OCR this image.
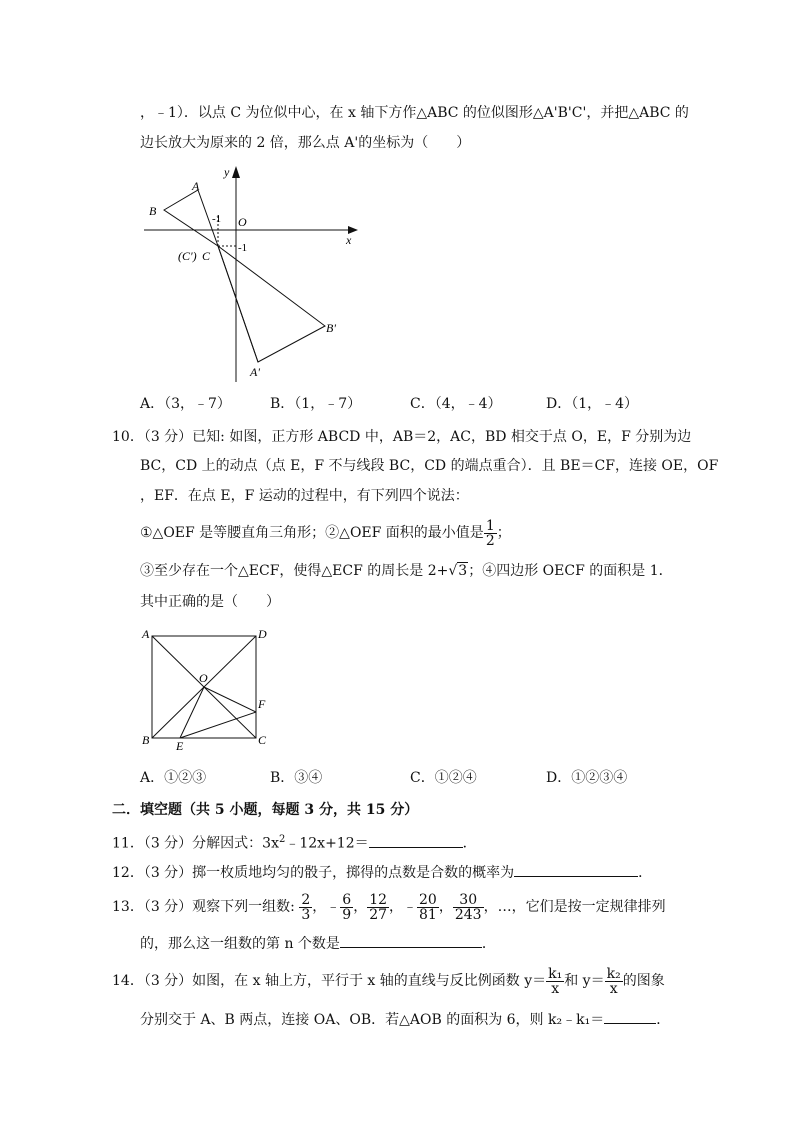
，﹣1）．以点 C 为位似中心，在 x 轴下方作△ABC 的位似图形△A'B'C'，并把△ABC 的
边长放大为原来的 2 倍，那么点 A'的坐标为（　　）
y
x
A
B
O
-1
-1
(C') C
B'
A'
A．（3，﹣7）	B．（1，﹣7）	C．（4，﹣4）	D．（1，﹣4）
10．（3 分）已知: 如图，正方形 ABCD 中，AB＝2，AC，BD 相交于点 O，E，F 分别为边
BC，CD 上的动点（点 E，F 不与线段 BC，CD 的端点重合）．且 BE＝CF，连接 OE，OF
，EF．在点 E，F 运动的过程中，有下列四个说法：
①△OEF 是等腰直角三角形；②△OEF 面积的最小值是 $\frac{1}{2}$ ；
③至少存在一个△ECF，使得△ECF 的周长是 2+√3；④四边形 OECF 的面积是 1．
其中正确的是（　　）
A	D
O
F
B E	C
A．①②③	B．③④	C．①②④	D．①②③④
二．填空题（共 5 小题，每题 3 分，共 15 分）
11．（3 分）分解因式：$3x^2﹣12x+12=$	．
12．（3 分）掷一枚质地均匀的骰子，掷得的点数是合数的概率为	．
13．（3 分）观察下列一组数: $\frac{2}{3}$ ，﹣ $\frac{6}{9}$ ， $\frac{12}{27}$ ，﹣ $\frac{20}{81}$ ， $\frac{30}{243}$ ，…，它们是按一定规律排列
的，那么这一组数的第 n 个数是	．
14．（3 分）如图，在 x 轴上方，平行于 x 轴的直线与反比例函数 $y= \frac{\text{k₁}}{x}$ 和 $y= \frac{\text{k₂}}{x}$ 的图象
分别交于 A、B 两点，连接 OA、OB．若△AOB 的面积为 6，则 k₂﹣k₁＝	．
